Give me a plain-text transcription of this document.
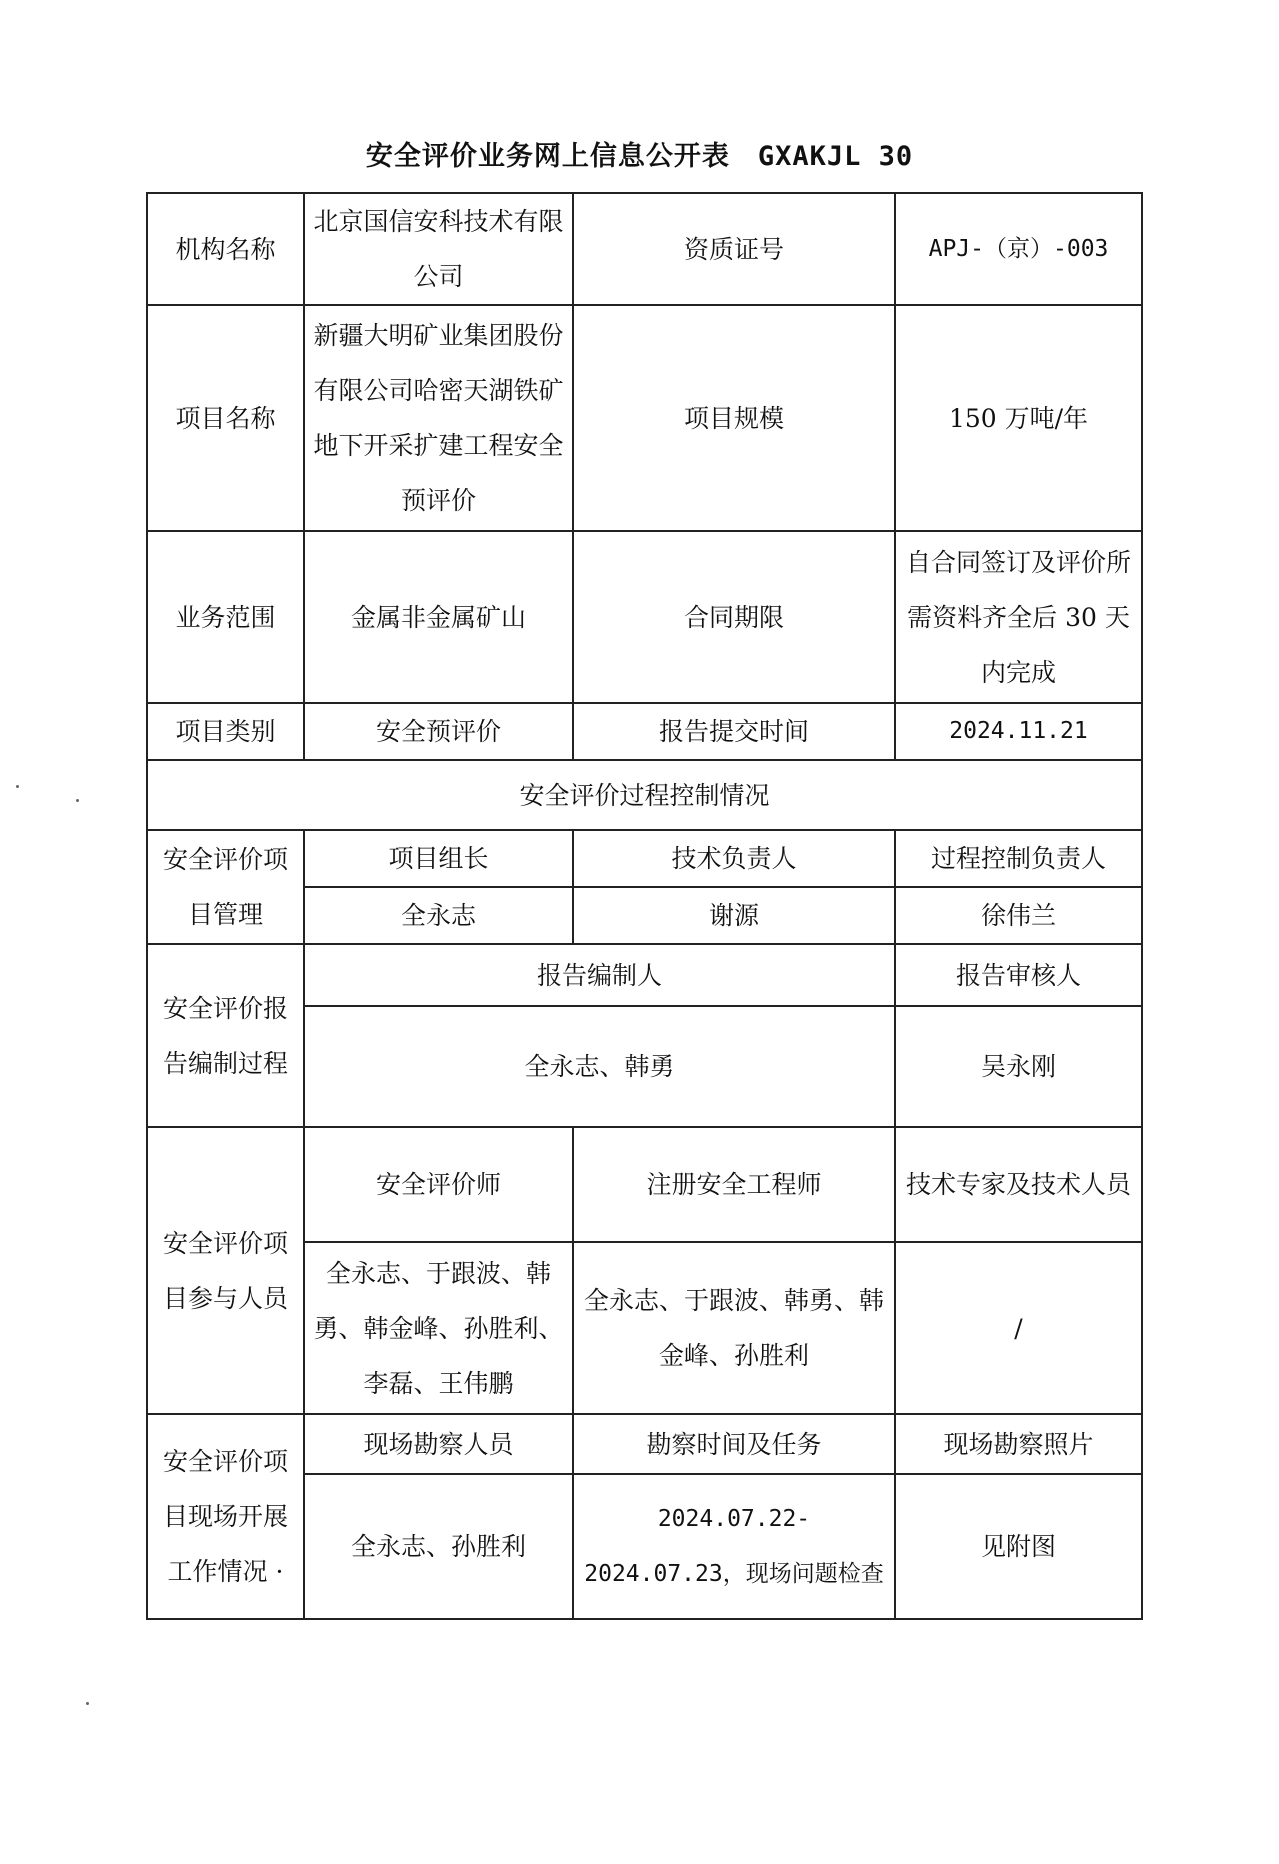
安全评价业务网上信息公开表 GXAKJL 30
机构名称	北京国信安科技术有限公司	资质证号	APJ-（京）-003
项目名称	新疆大明矿业集团股份有限公司哈密天湖铁矿地下开采扩建工程安全预评价	项目规模	150 万吨/年
业务范围	金属非金属矿山	合同期限	自合同签订及评价所需资料齐全后 30 天内完成
项目类别	安全预评价	报告提交时间	2024.11.21
安全评价过程控制情况			
安全评价项目管理	项目组长	技术负责人	过程控制负责人
	全永志	谢源	徐伟兰
安全评价报告编制过程	报告编制人		报告审核人
	全永志、韩勇		吴永刚
安全评价项目参与人员	安全评价师	注册安全工程师	技术专家及技术人员
	全永志、于跟波、韩勇、韩金峰、孙胜利、李磊、王伟鹏	全永志、于跟波、韩勇、韩金峰、孙胜利	/
安全评价项目现场开展工作情况 ·	现场勘察人员	勘察时间及任务	现场勘察照片
	全永志、孙胜利	2024.07.22-2024.07.23，现场问题检查	见附图
